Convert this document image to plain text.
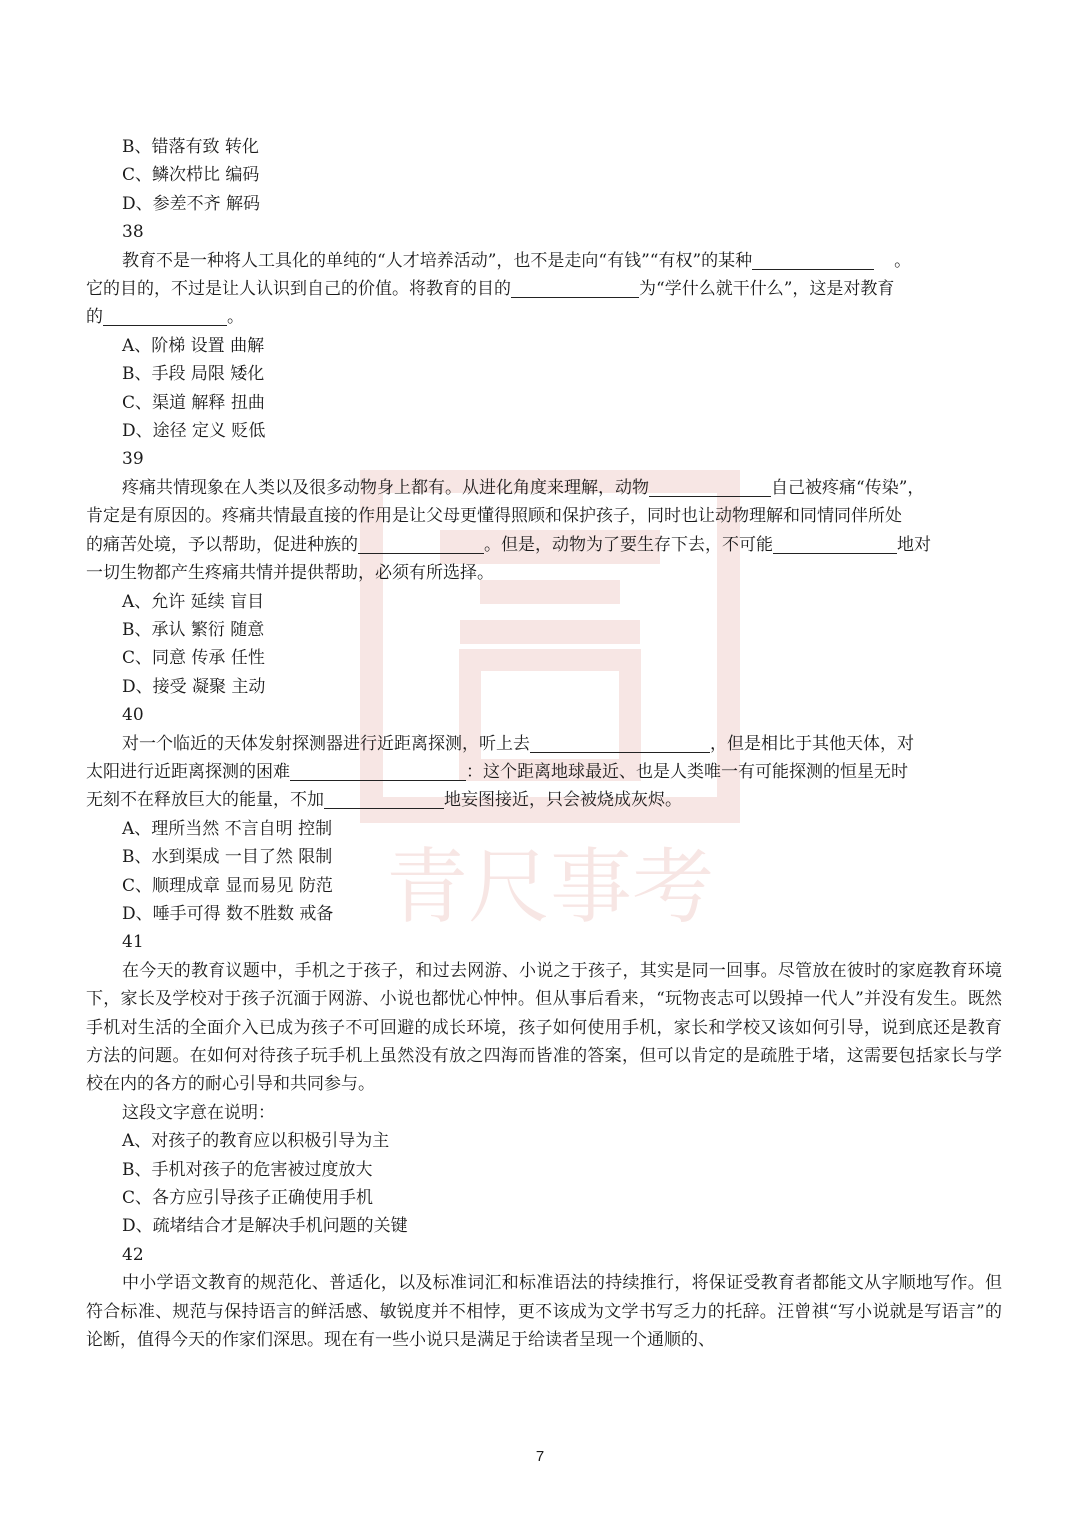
青尺事考
B、错落有致 转化
C、鳞次栉比 编码
D、参差不齐 解码
38
教育不是一种将人工具化的单纯的“人才培养活动”，也不是走向“有钱”“有权”的某种	。
它的目的，不过是让人认识到自己的价值。将教育的目的	为“学什么就干什么”，这是对教育
的	。
A、阶梯 设置 曲解
B、手段 局限 矮化
C、渠道 解释 扭曲
D、途径 定义 贬低
39
疼痛共情现象在人类以及很多动物身上都有。从进化角度来理解，动物	自己被疼痛“传染”，
肯定是有原因的。疼痛共情最直接的作用是让父母更懂得照顾和保护孩子，同时也让动物理解和同情同伴所处
的痛苦处境，予以帮助，促进种族的	。但是，动物为了要生存下去，不可能	地对
一切生物都产生疼痛共情并提供帮助，必须有所选择。
A、允许 延续 盲目
B、承认 繁衍 随意
C、同意 传承 任性
D、接受 凝聚 主动
40
对一个临近的天体发射探测器进行近距离探测，听上去	，但是相比于其他天体，对
太阳进行近距离探测的困难	：这个距离地球最近、也是人类唯一有可能探测的恒星无时
无刻不在释放巨大的能量，不加	地妄图接近，只会被烧成灰烬。
A、理所当然 不言自明 控制
B、水到渠成 一目了然 限制
C、顺理成章 显而易见 防范
D、唾手可得 数不胜数 戒备
41
在今天的教育议题中，手机之于孩子，和过去网游、小说之于孩子，其实是同一回事。尽管放在彼时的家庭教育环境下，家长及学校对于孩子沉湎于网游、小说也都忧心忡忡。但从事后看来，“玩物丧志可以毁掉一代人”并没有发生。既然手机对生活的全面介入已成为孩子不可回避的成长环境，孩子如何使用手机，家长和学校又该如何引导，说到底还是教育方法的问题。在如何对待孩子玩手机上虽然没有放之四海而皆准的答案，但可以肯定的是疏胜于堵，这需要包括家长与学校在内的各方的耐心引导和共同参与。
这段文字意在说明：
A、对孩子的教育应以积极引导为主
B、手机对孩子的危害被过度放大
C、各方应引导孩子正确使用手机
D、疏堵结合才是解决手机问题的关键
42
中小学语文教育的规范化、普适化，以及标准词汇和标准语法的持续推行，将保证受教育者都能文从字顺地写作。但符合标准、规范与保持语言的鲜活感、敏锐度并不相悖，更不该成为文学书写乏力的托辞。汪曾祺“写小说就是写语言”的论断，值得今天的作家们深思。现在有一些小说只是满足于给读者呈现一个通顺的、
7
